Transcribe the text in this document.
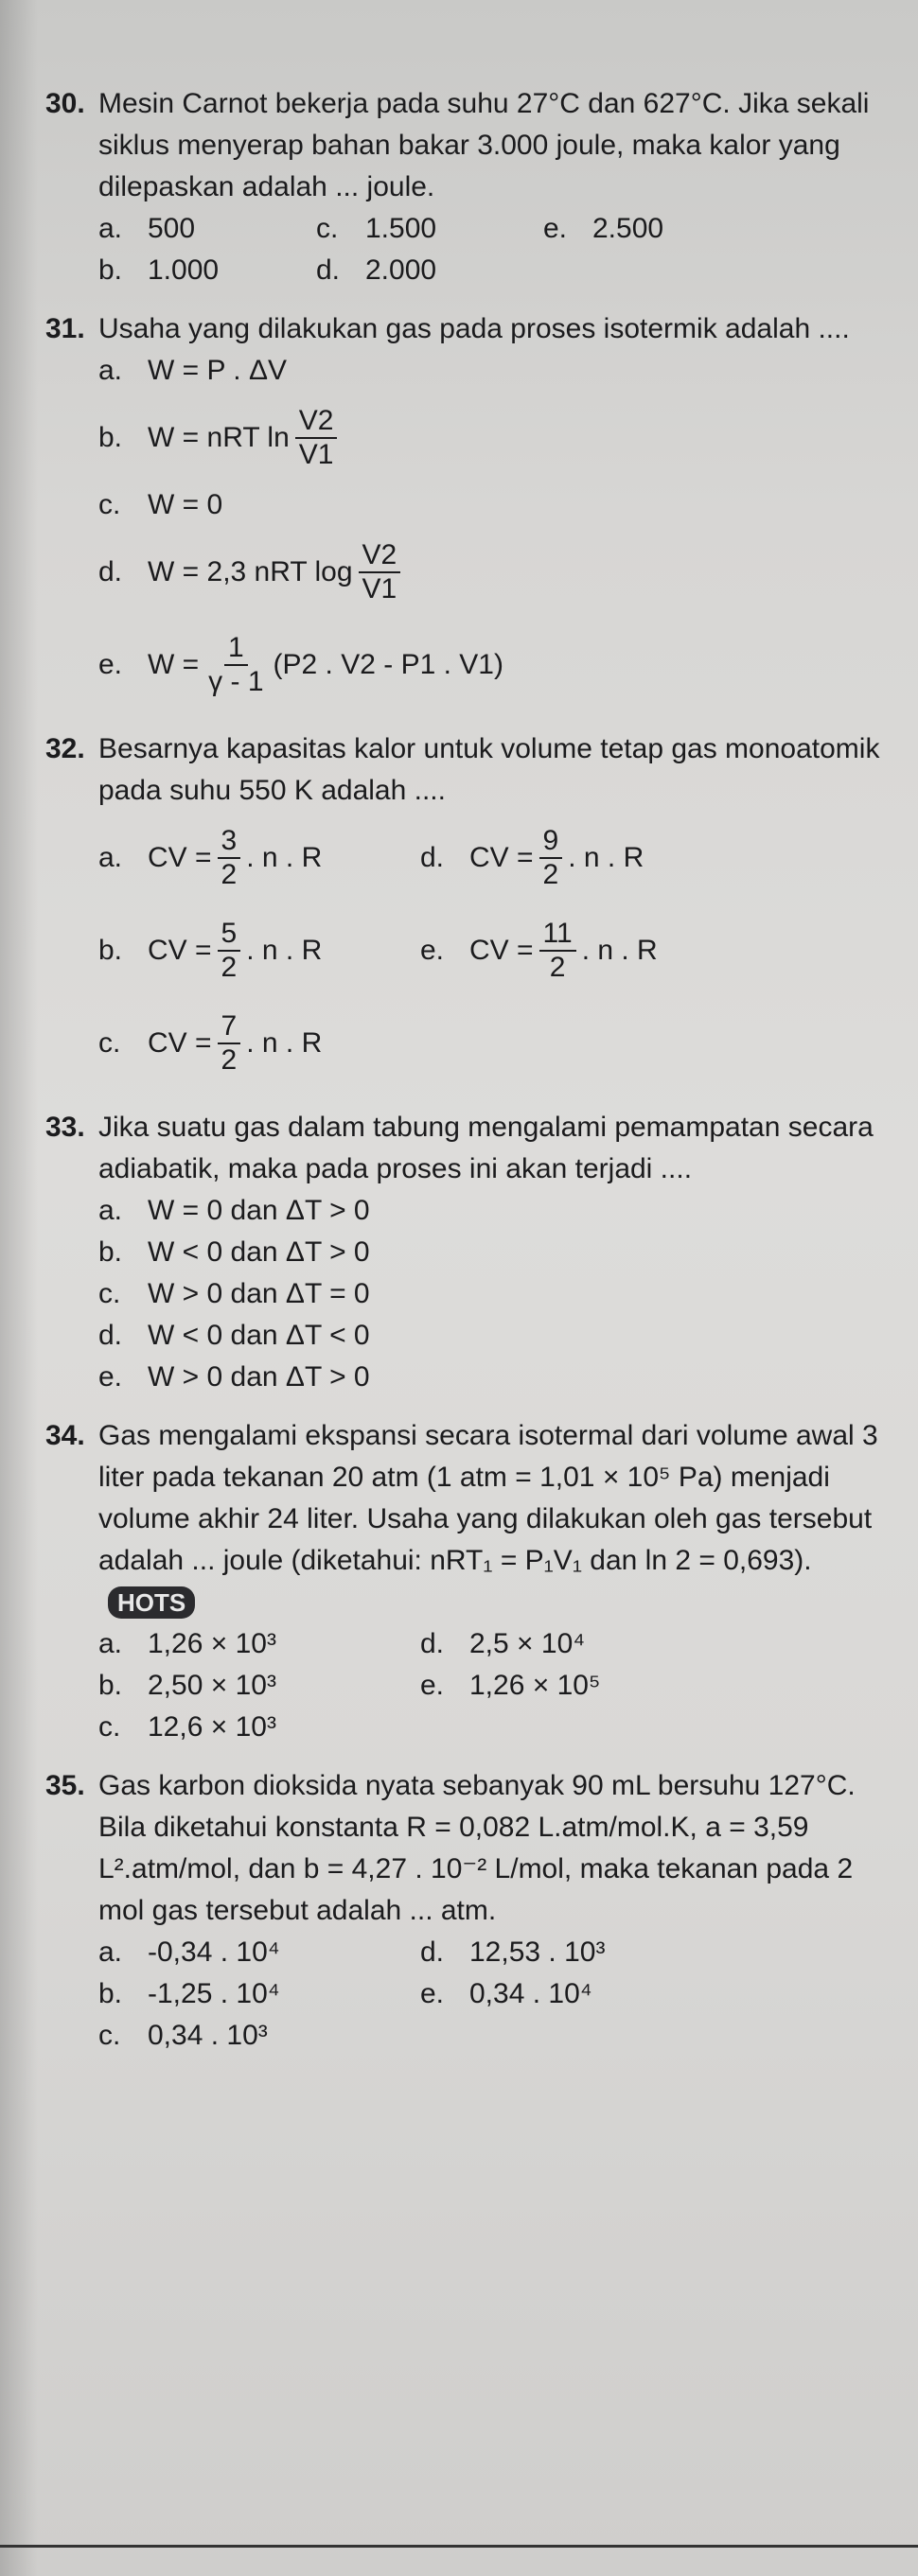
30. Mesin Carnot bekerja pada suhu 27°C dan 627°C. Jika sekali siklus menyerap bahan bakar 3.000 joule, maka kalor yang dilepaskan adalah ... joule.
a. 500	c. 1.500	e. 2.500
b. 1.000	d. 2.000
31. Usaha yang dilakukan gas pada proses isotermik adalah ....
a. W = P . ΔV
b. W = nRT $\ln \frac{V2}{V1}$
c. W = 0
d. W = 2,3 nRT $\log \frac{V2}{V1}$
e. $W = \frac{1}{\gamma - 1} (P2$ . V2 - P1 . V1)
32. Besarnya kapasitas kalor untuk volume tetap gas monoatomik pada suhu 550 K adalah ....
a. CV = $\frac{3}{2}$ . n . R	d. CV = $\frac{9}{2}$ . n . R
b. CV = $\frac{5}{2}$ . n . R	e. CV = $\frac{11}{2}$ . n . R
c. CV = $\frac{7}{2}$ . n . R
33. Jika suatu gas dalam tabung mengalami pemampatan secara adiabatik, maka pada proses ini akan terjadi ....
a. W = 0 dan ΔT > 0
b. W < 0 dan ΔT > 0
c. W > 0 dan ΔT = 0
d. W < 0 dan ΔT < 0
e. W > 0 dan ΔT > 0
34. Gas mengalami ekspansi secara isotermal dari volume awal 3 liter pada tekanan 20 atm (1 atm = 1,01 × 10⁵ Pa) menjadi volume akhir 24 liter. Usaha yang dilakukan oleh gas tersebut adalah ... joule (diketahui: nRT₁ = P₁V₁ dan ln 2 = 0,693).HOTS
a. 1,26 × 10³	d. 2,5 × 10⁴
b. 2,50 × 10³	e. 1,26 × 10⁵
c. 12,6 × 10³
35. Gas karbon dioksida nyata sebanyak 90 mL bersuhu 127°C. Bila diketahui konstanta R = 0,082 L.atm/mol.K, a = 3,59 L².atm/mol, dan b = 4,27 . 10⁻² L/mol, maka tekanan pada 2 mol gas tersebut adalah ... atm.
a. -0,34 . 10⁴	d. 12,53 . 10³
b. -1,25 . 10⁴	e. 0,34 . 10⁴
c. 0,34 . 10³
